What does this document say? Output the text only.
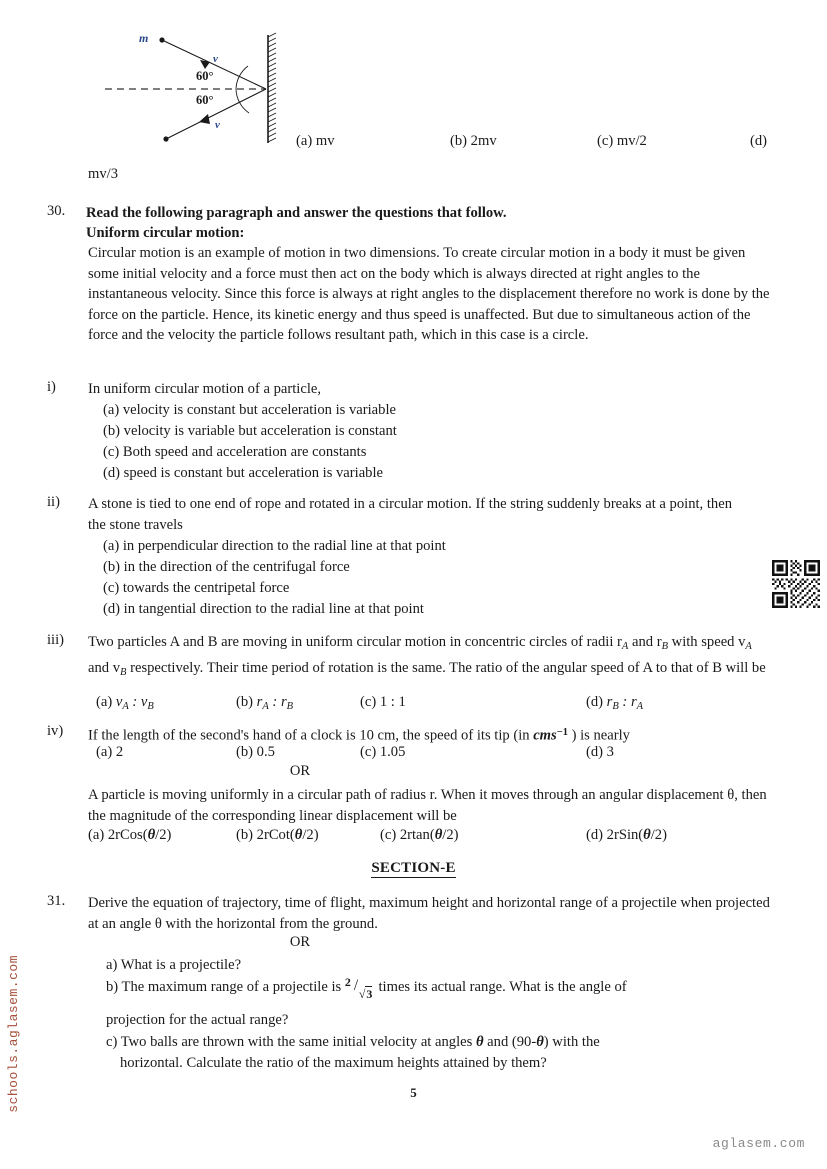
m
v
v
60°
60°
(a) mv	(b) 2mv	(c) mv/2	(d)
mv/3
30. Read the following paragraph and answer the questions that follow.
Uniform circular motion:
Circular motion is an example of motion in two dimensions. To create circular motion in a body it must be given some initial velocity and a force must then act on the body which is always directed at right angles to the instantaneous velocity. Since this force is always at right angles to the displacement therefore no work is done by the force on the particle. Hence, its kinetic energy and thus speed is unaffected. But due to simultaneous action of the force and the velocity the particle follows resultant path, which in this case is a circle.
i) In uniform circular motion of a particle,
(a) velocity is constant but acceleration is variable
(b) velocity is variable but acceleration is constant
(c) Both speed and acceleration are constants
(d) speed is constant but acceleration is variable
ii) A stone is tied to one end of rope and rotated in a circular motion. If the string suddenly breaks at a point, then the stone travels
(a) in perpendicular direction to the radial line at that point
(b) in the direction of the centrifugal force
(c) towards the centripetal force
(d) in tangential direction to the radial line at that point
iii) Two particles A and B are moving in uniform circular motion in concentric circles of radii $r_A$ and $r_B$ with speed $v_A$ and $v_B$ respectively. Their time period of rotation is the same. The ratio of the angular speed of A to that of B will be
(a) $v_A$ : $v_B$	(b) $r_A$ : $r_B$	(c) 1 : 1	(d) $r_B$ : $r_A$
iv) If the length of the second's hand of a clock is 10 cm, the speed of its tip (in cms$^{-1}$ ) is nearly
(a) 2	(b) 0.5	(c) 1.05	(d) 3
OR
A particle is moving uniformly in a circular path of radius r. When it moves through an angular displacement θ, then the magnitude of the corresponding linear displacement will be
(a) 2rCos(θ/2)	(b) 2rCot(θ/2)	(c) 2rtan(θ/2)	(d) 2rSin(θ/2)
SECTION-E
31. Derive the equation of trajectory, time of flight, maximum height and horizontal range of a projectile when projected at an angle θ with the horizontal from the ground.
OR
a) What is a projectile?
b) The maximum range of a projectile is 2 / √3 times its actual range. What is the angle of
projection for the actual range?
c) Two balls are thrown with the same initial velocity at angles θ and (90-θ) with the
horizontal. Calculate the ratio of the maximum heights attained by them?
5
schools.aglasem.com
aglasem.com
